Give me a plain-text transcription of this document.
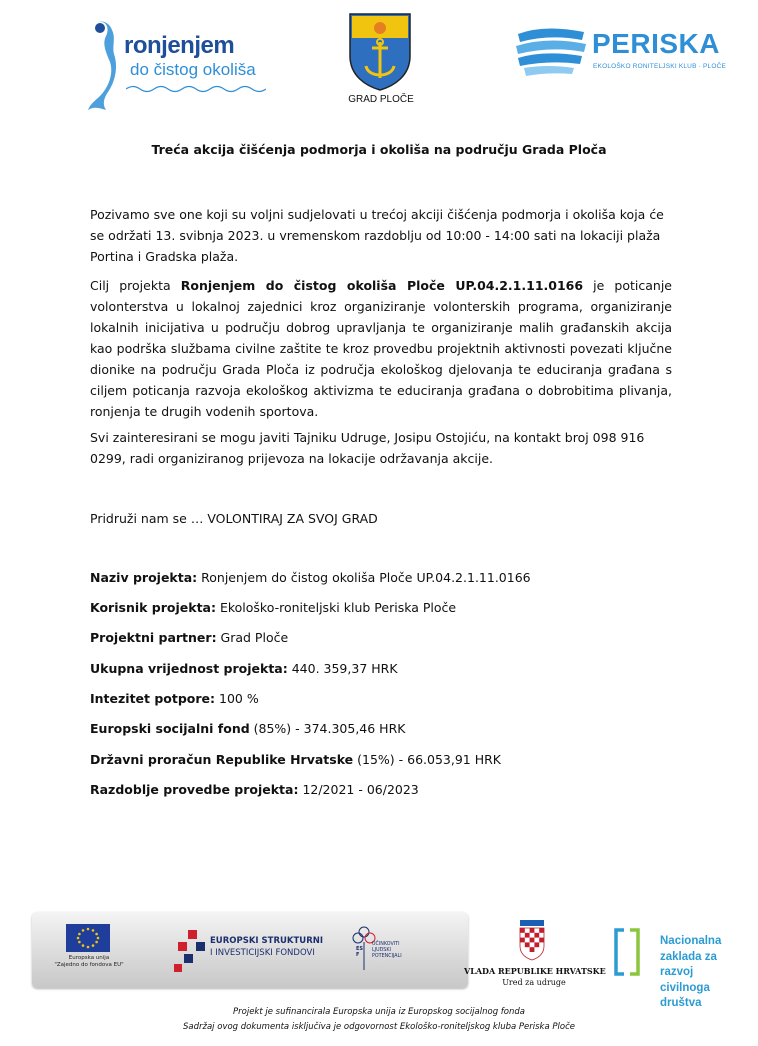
ronjenjem
do čistog okoliša
GRAD PLOČE
PERISKA
EKOLOŠKO RONITELJSKI KLUB · PLOČE
Treća akcija čišćenja podmorja i okoliša na području Grada Ploča
Pozivamo sve one koji su voljni sudjelovati u trećoj akciji čišćenja podmorja i okoliša koja će se održati 13. svibnja 2023. u vremenskom razdoblju od 10:00 - 14:00 sati na lokaciji plaža Portina i Gradska plaža.
Cilj projekta Ronjenjem do čistog okoliša Ploče UP.04.2.1.11.0166 je poticanje volonterstva u lokalnoj zajednici kroz organiziranje volonterskih programa, organiziranje lokalnih inicijativa u području dobrog upravljanja te organiziranje malih građanskih akcija kao podrška službama civilne zaštite te kroz provedbu projektnih aktivnosti povezati ključne dionike na području Grada Ploča iz područja ekološkog djelovanja te educiranja građana s ciljem poticanja razvoja ekološkog aktivizma te educiranja građana o dobrobitima plivanja, ronjenja te drugih vodenih sportova.
Svi zainteresirani se mogu javiti Tajniku Udruge, Josipu Ostojiću, na kontakt broj 098 916 0299, radi organiziranog prijevoza na lokacije održavanja akcije.
Pridruži nam se … VOLONTIRAJ ZA SVOJ GRAD
Naziv projekta: Ronjenjem do čistog okoliša Ploče UP.04.2.1.11.0166
Korisnik projekta: Ekološko-roniteljski klub Periska Ploče
Projektni partner: Grad Ploče
Ukupna vrijednost projekta: 440. 359,37 HRK
Intezitet potpore: 100 %
Europski socijalni fond (85%) - 374.305,46 HRK
Državni proračun Republike Hrvatske (15%) - 66.053,91 HRK
Razdoblje provedbe projekta: 12/2021 - 06/2023
Europska unija
"Zajedno do fondova EU"
EUROPSKI STRUKTURNI
I INVESTICIJSKI FONDOVI	ESF
UČINKOVITI
LJUDSKI
POTENCIJALI
VLADA REPUBLIKE HRVATSKE
Ured za udruge
Nacionalna
zaklada za
razvoj
civilnoga
društva
Projekt je sufinancirala Europska unija iz Europskog socijalnog fonda
Sadržaj ovog dokumenta isključiva je odgovornost Ekološko-roniteljskog kluba Periska Ploče
